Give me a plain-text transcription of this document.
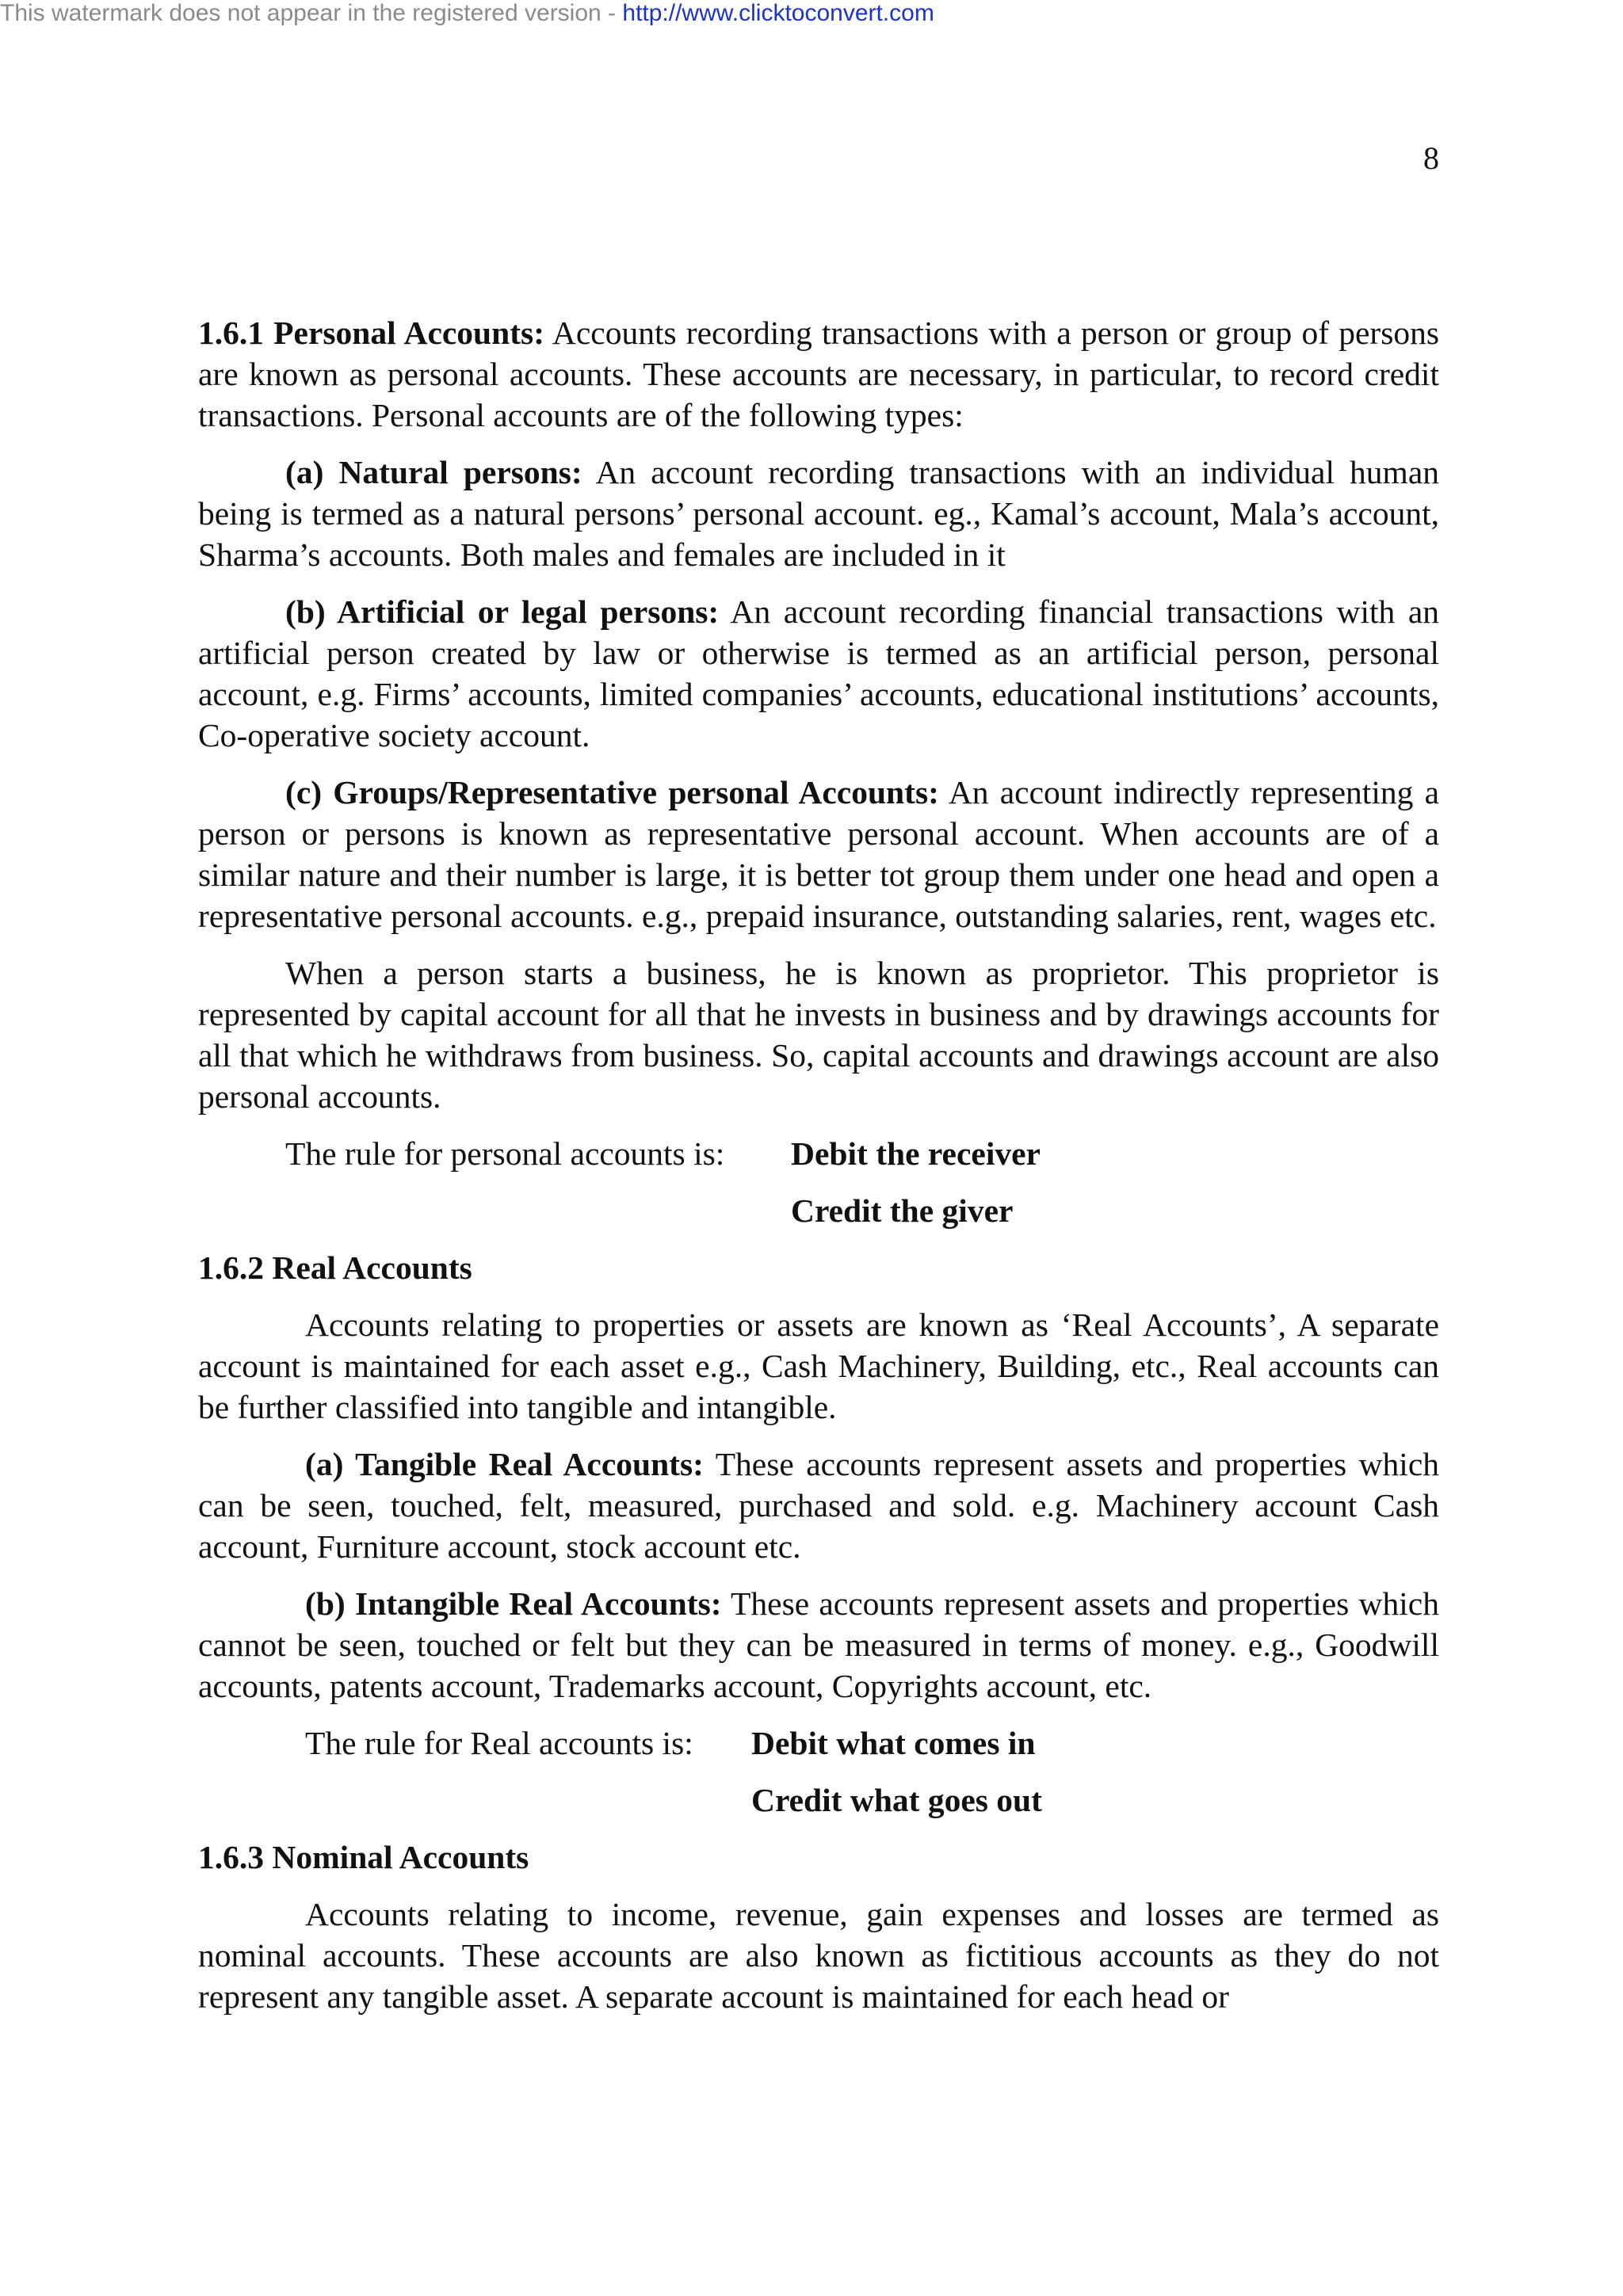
This watermark does not appear in the registered version - http://www.clicktoconvert.com
8

1.6.1 Personal Accounts: Accounts recording transactions with a person or group of persons are known as personal accounts. These accounts are necessary, in particular, to record credit transactions. Personal accounts are of the following types:

(a) Natural persons: An account recording transactions with an individual human being is termed as a natural persons’ personal account. eg., Kamal’s account, Mala’s account, Sharma’s accounts. Both males and females are included in it

(b) Artificial or legal persons: An account recording financial transactions with an artificial person created by law or otherwise is termed as an artificial person, personal account, e.g. Firms’ accounts, limited companies’ accounts, educational institutions’ accounts, Co-operative society account.

(c) Groups/Representative personal Accounts: An account indirectly representing a person or persons is known as representative personal account. When accounts are of a similar nature and their number is large, it is better tot group them under one head and open a representative personal accounts. e.g., prepaid insurance, outstanding salaries, rent, wages etc.

When a person starts a business, he is known as proprietor. This proprietor is represented by capital account for all that he invests in business and by drawings accounts for all that which he withdraws from business. So, capital accounts and drawings account are also personal accounts.

The rule for personal accounts is: Debit the receiver
Credit the giver
1.6.2 Real Accounts

Accounts relating to properties or assets are known as ‘Real Accounts’, A separate account is maintained for each asset e.g., Cash Machinery, Building, etc., Real accounts can be further classified into tangible and intangible.

(a) Tangible Real Accounts: These accounts represent assets and properties which can be seen, touched, felt, measured, purchased and sold. e.g. Machinery account Cash account, Furniture account, stock account etc.

(b) Intangible Real Accounts: These accounts represent assets and properties which cannot be seen, touched or felt but they can be measured in terms of money. e.g., Goodwill accounts, patents account, Trademarks account, Copyrights account, etc.

The rule for Real accounts is: Debit what comes in
Credit what goes out
1.6.3 Nominal Accounts

Accounts relating to income, revenue, gain expenses and losses are termed as nominal accounts. These accounts are also known as fictitious accounts as they do not represent any tangible asset. A separate account is maintained for each head or
